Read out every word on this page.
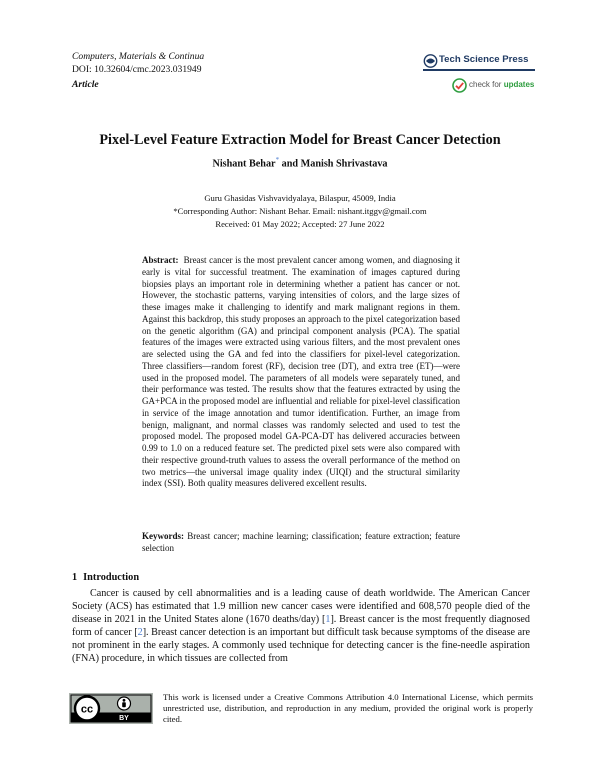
Computers, Materials & Continua
DOI: 10.32604/cmc.2023.031949
Article
Tech Science Press
check for updates
Pixel-Level Feature Extraction Model for Breast Cancer Detection
Nishant Behar* and Manish Shrivastava
Guru Ghasidas Vishvavidyalaya, Bilaspur, 45009, India
*Corresponding Author: Nishant Behar. Email: nishant.itggv@gmail.com
Received: 01 May 2022; Accepted: 27 June 2022
Abstract: Breast cancer is the most prevalent cancer among women, and diagnosing it early is vital for successful treatment. The examination of images captured during biopsies plays an important role in determining whether a patient has cancer or not. However, the stochastic patterns, varying intensities of colors, and the large sizes of these images make it challenging to identify and mark malignant regions in them. Against this backdrop, this study proposes an approach to the pixel categorization based on the genetic algorithm (GA) and principal component analysis (PCA). The spatial features of the images were extracted using various filters, and the most prevalent ones are selected using the GA and fed into the classifiers for pixel-level categorization. Three classifiers—random forest (RF), decision tree (DT), and extra tree (ET)—were used in the proposed model. The parameters of all models were separately tuned, and their performance was tested. The results show that the features extracted by using the GA+PCA in the proposed model are influential and reliable for pixel-level classification in service of the image annotation and tumor identification. Further, an image from benign, malignant, and normal classes was randomly selected and used to test the proposed model. The proposed model GA-PCA-DT has delivered accuracies between 0.99 to 1.0 on a reduced feature set. The predicted pixel sets were also compared with their respective ground-truth values to assess the overall performance of the method on two metrics—the universal image quality index (UIQI) and the structural similarity index (SSI). Both quality measures delivered excellent results.
Keywords: Breast cancer; machine learning; classification; feature extraction; feature selection
1 Introduction
Cancer is caused by cell abnormalities and is a leading cause of death worldwide. The American Cancer Society (ACS) has estimated that 1.9 million new cancer cases were identified and 608,570 people died of the disease in 2021 in the United States alone (1670 deaths/day) [1]. Breast cancer is the most frequently diagnosed form of cancer [2]. Breast cancer detection is an important but difficult task because symptoms of the disease are not prominent in the early stages. A commonly used technique for detecting cancer is the fine-needle aspiration (FNA) procedure, in which tissues are collected from
cc
BY
This work is licensed under a Creative Commons Attribution 4.0 International License, which permits unrestricted use, distribution, and reproduction in any medium, provided the original work is properly cited.
